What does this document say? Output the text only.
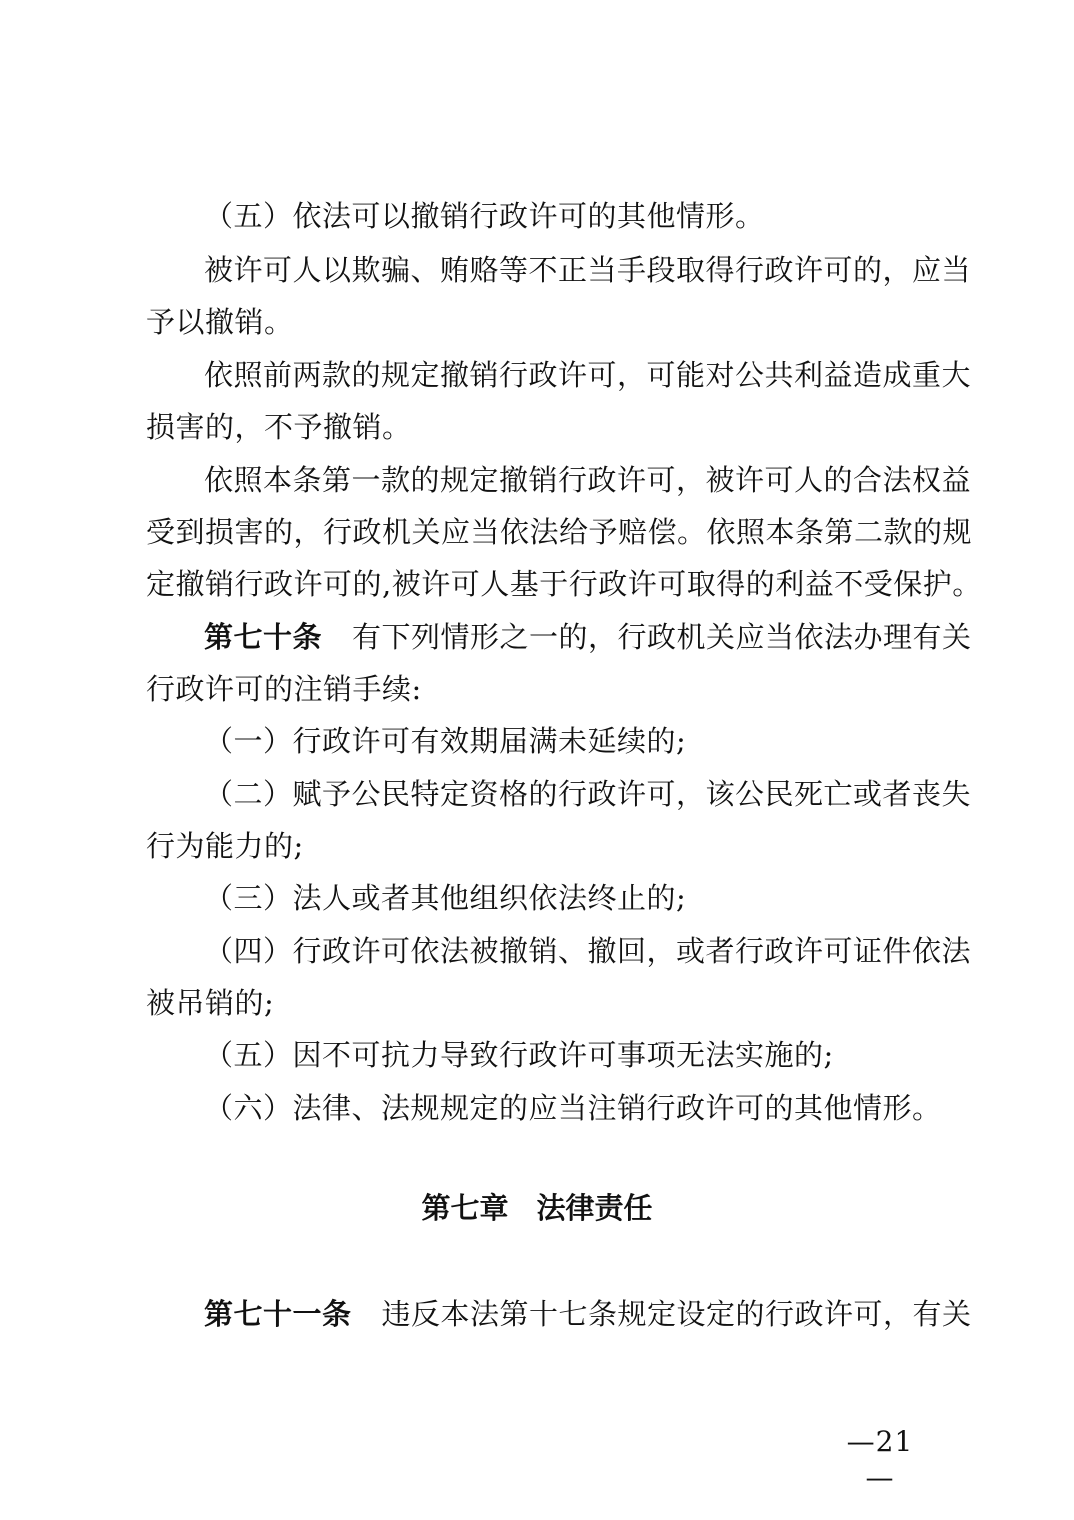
（五）依法可以撤销行政许可的其他情形。
被许可人以欺骗、贿赂等不正当手段取得行政许可的，应当
予以撤销。
依照前两款的规定撤销行政许可，可能对公共利益造成重大
损害的，不予撤销。
依照本条第一款的规定撤销行政许可，被许可人的合法权益
受到损害的，行政机关应当依法给予赔偿。依照本条第二款的规
定撤销行政许可的,被许可人基于行政许可取得的利益不受保护。
第七十条 有下列情形之一的，行政机关应当依法办理有关
行政许可的注销手续:
（一）行政许可有效期届满未延续的;
（二）赋予公民特定资格的行政许可，该公民死亡或者丧失
行为能力的;
（三）法人或者其他组织依法终止的;
（四）行政许可依法被撤销、撤回，或者行政许可证件依法
被吊销的;
（五）因不可抗力导致行政许可事项无法实施的;
（六）法律、法规规定的应当注销行政许可的其他情形。
第七章 法律责任
第七十一条 违反本法第十七条规定设定的行政许可，有关
—21—
